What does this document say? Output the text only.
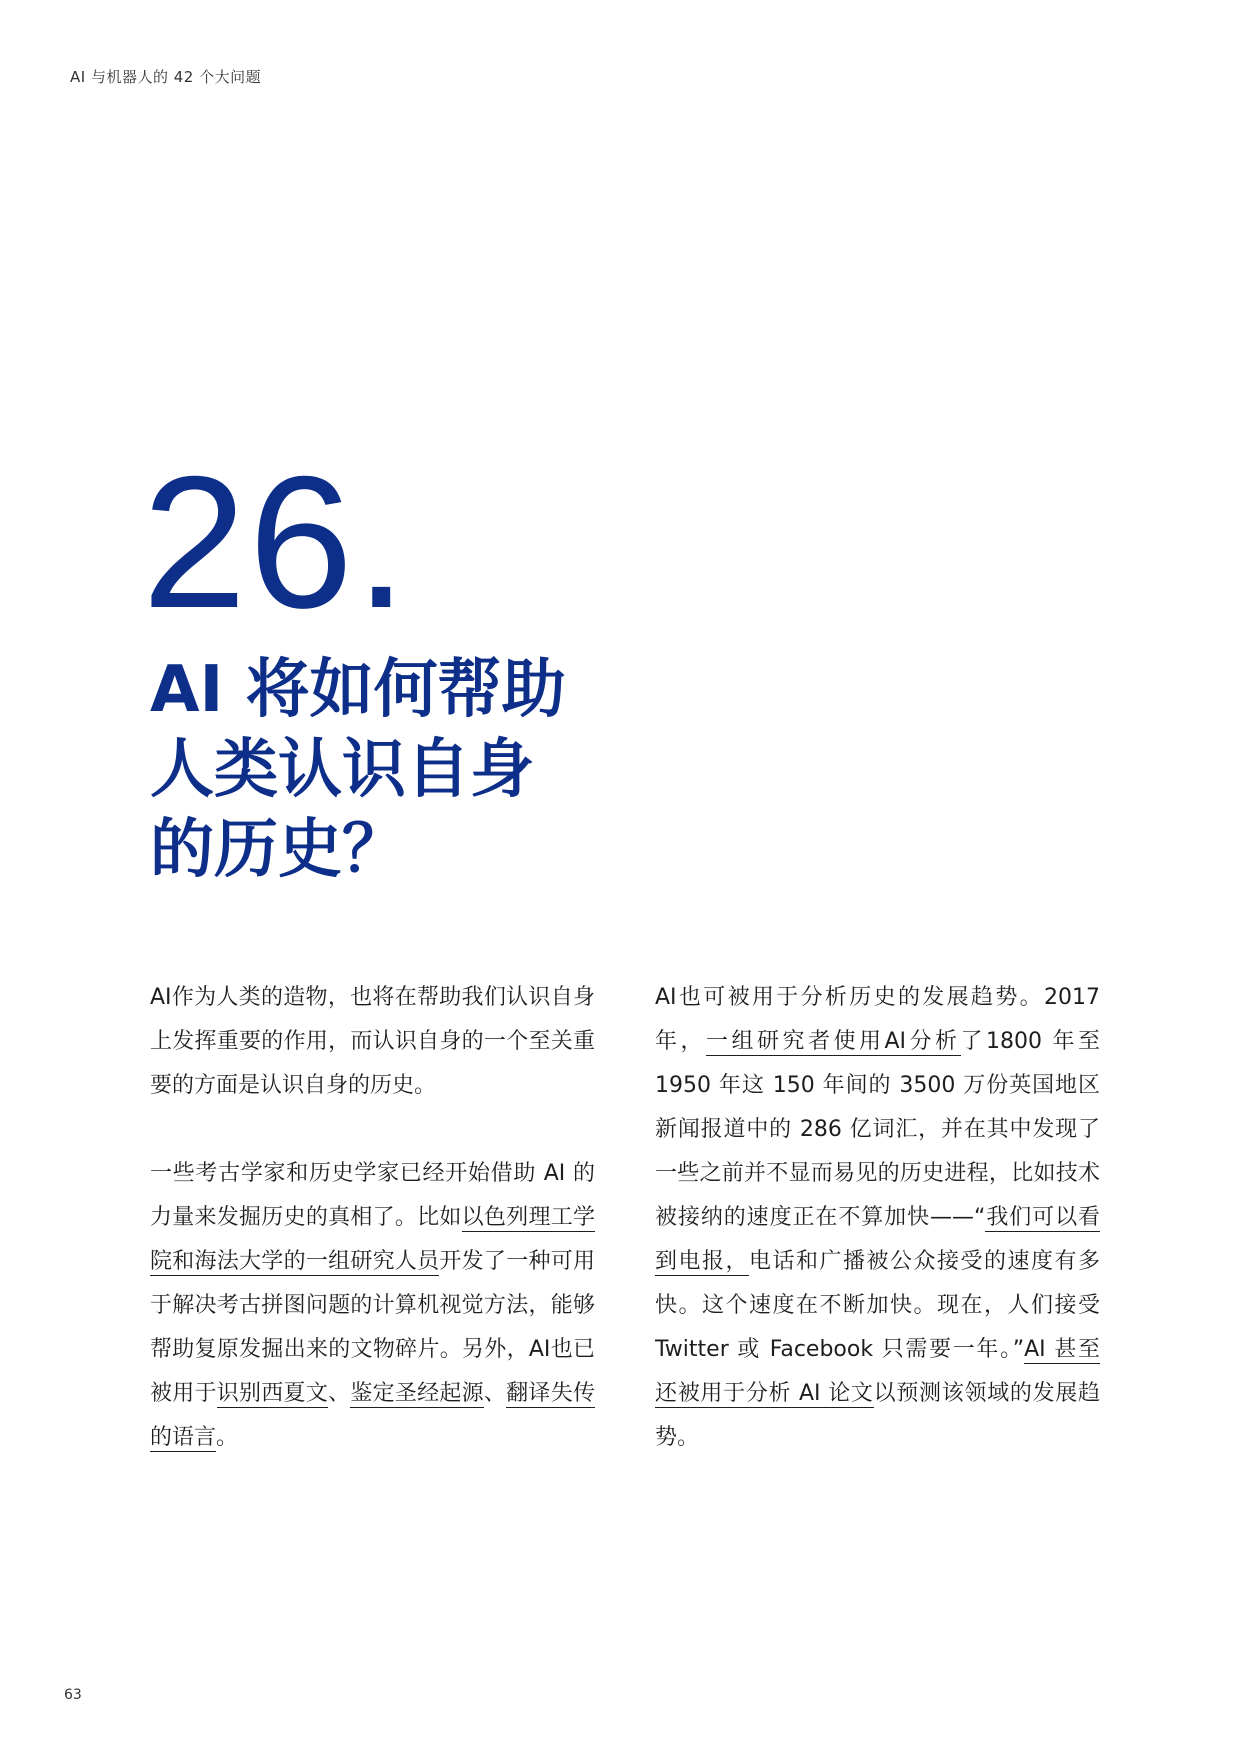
AI 与机器人的 42 个大问题
26.
AI 将如何帮助
人类认识自身
的历史？

AI作为人类的造物，也将在帮助我们认识自身上发挥重要的作用，而认识自身的一个至关重要的方面是认识自身的历史。

一些考古学家和历史学家已经开始借助 AI 的力量来发掘历史的真相了。比如以色列理工学院和海法大学的一组研究人员开发了一种可用于解决考古拼图问题的计算机视觉方法，能够帮助复原发掘出来的文物碎片。另外，AI也已被用于识别西夏文、鉴定圣经起源、翻译失传的语言。

AI也可被用于分析历史的发展趋势。2017年，一组研究者使用AI分析了1800 年至 1950 年这 150 年间的 3500 万份英国地区新闻报道中的 286 亿词汇，并在其中发现了一些之前并不显而易见的历史进程，比如技术被接纳的速度正在不算加快——“我们可以看到电报，电话和广播被公众接受的速度有多快。这个速度在不断加快。现在，人们接受 Twitter 或 Facebook 只需要一年。”AI 甚至还被用于分析 AI 论文以预测该领域的发展趋势。

63
